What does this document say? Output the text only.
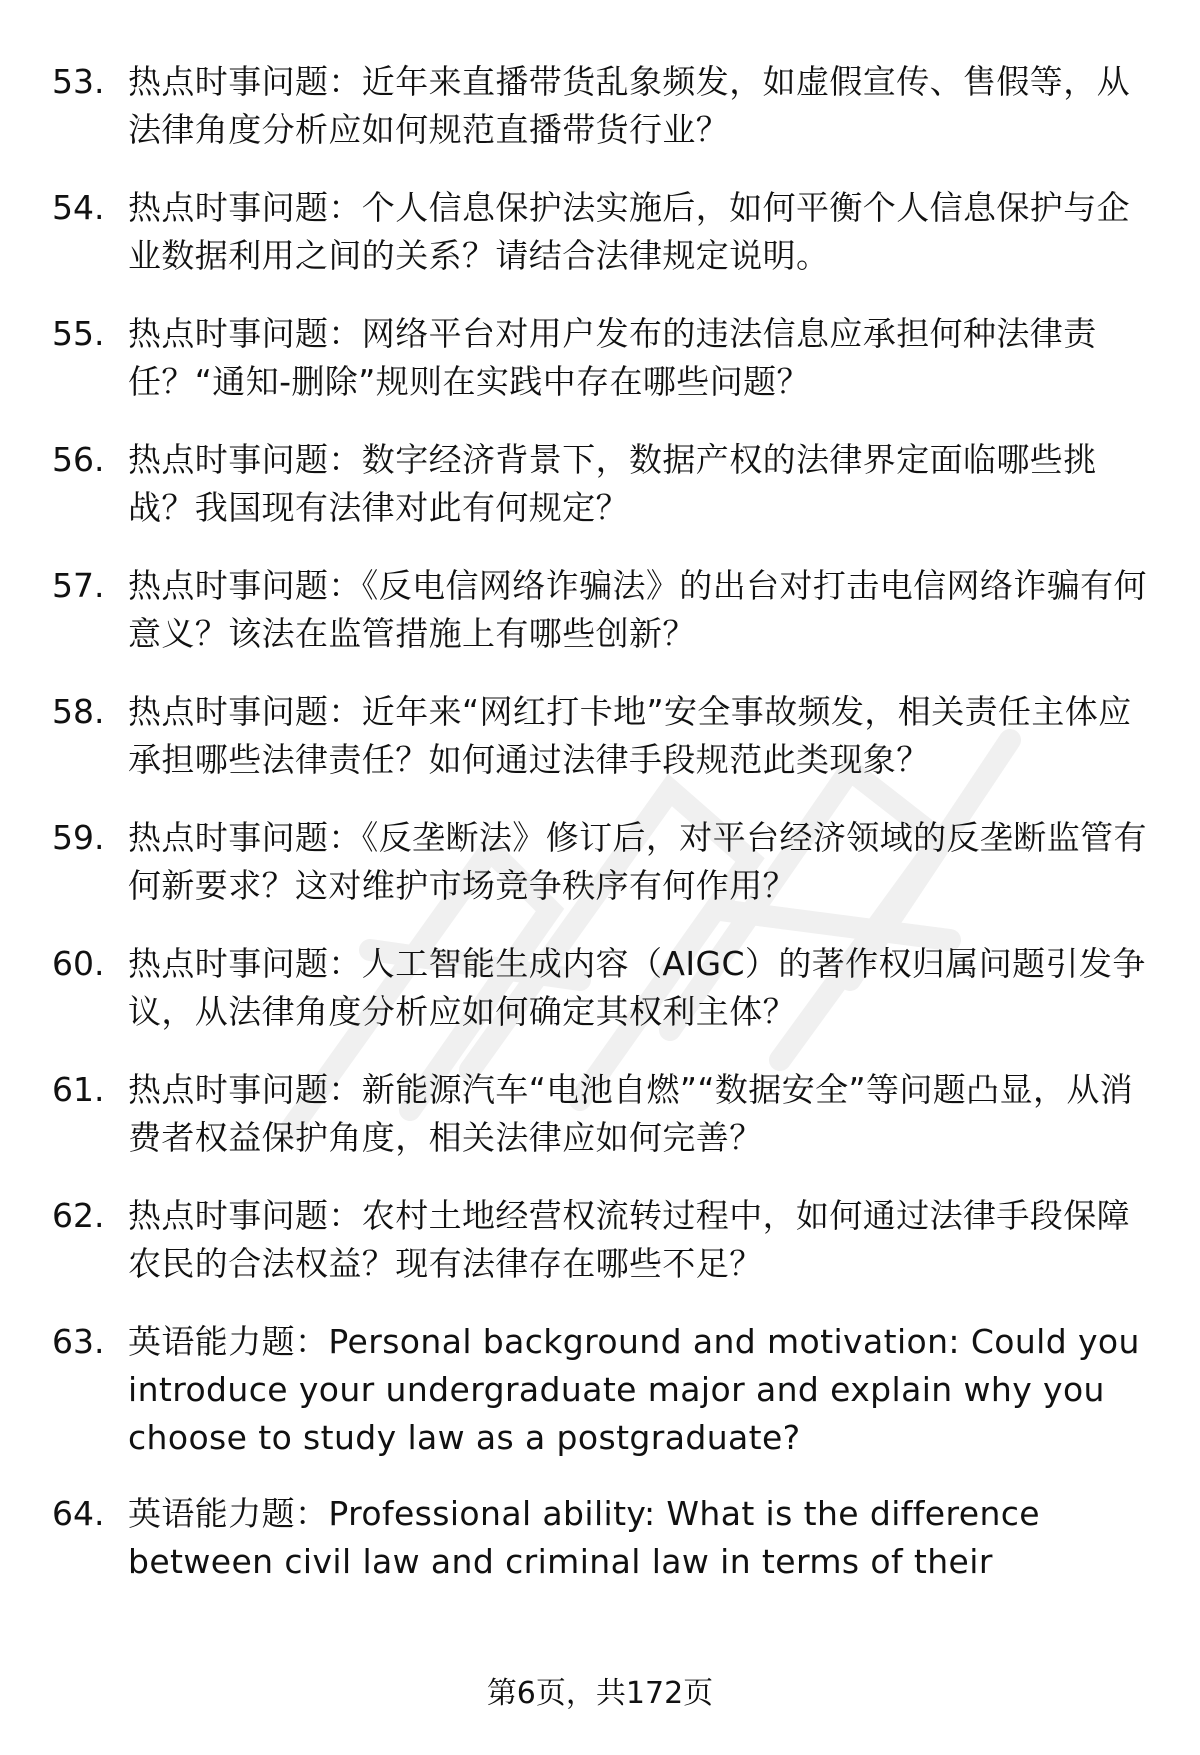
53. 热点时事问题：近年来直播带货乱象频发，如虚假宣传、售假等，从法律角度分析应如何规范直播带货行业？
54. 热点时事问题：个人信息保护法实施后，如何平衡个人信息保护与企业数据利用之间的关系？请结合法律规定说明。
55. 热点时事问题：网络平台对用户发布的违法信息应承担何种法律责任？“通知-删除”规则在实践中存在哪些问题？
56. 热点时事问题：数字经济背景下，数据产权的法律界定面临哪些挑战？我国现有法律对此有何规定？
57. 热点时事问题：《反电信网络诈骗法》的出台对打击电信网络诈骗有何意义？该法在监管措施上有哪些创新？
58. 热点时事问题：近年来“网红打卡地”安全事故频发，相关责任主体应承担哪些法律责任？如何通过法律手段规范此类现象？
59. 热点时事问题：《反垄断法》修订后，对平台经济领域的反垄断监管有何新要求？这对维护市场竞争秩序有何作用？
60. 热点时事问题：人工智能生成内容（AIGC）的著作权归属问题引发争议，从法律角度分析应如何确定其权利主体？
61. 热点时事问题：新能源汽车“电池自燃”“数据安全”等问题凸显，从消费者权益保护角度，相关法律应如何完善？
62. 热点时事问题：农村土地经营权流转过程中，如何通过法律手段保障农民的合法权益？现有法律存在哪些不足？
63. 英语能力题：Personal background and motivation: Could you introduce your undergraduate major and explain why you choose to study law as a postgraduate?
64. 英语能力题：Professional ability: What is the difference between civil law and criminal law in terms of their
第6页，共172页
